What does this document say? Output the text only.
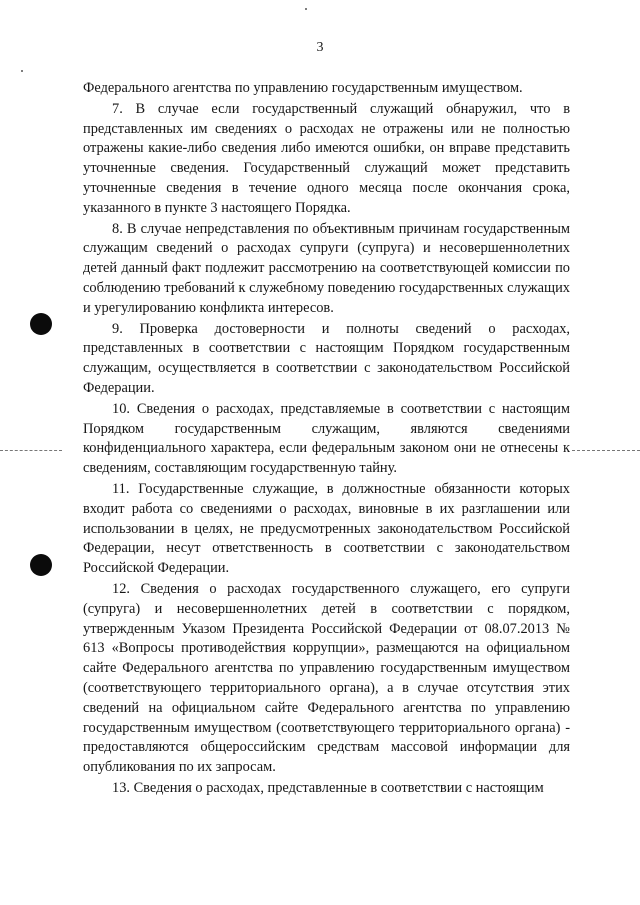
3

Федерального агентства по управлению государственным имуществом.

7. В случае если государственный служащий обнаружил, что в представленных им сведениях о расходах не отражены или не полностью отражены какие-либо сведения либо имеются ошибки, он вправе представить уточненные сведения. Государственный служащий может представить уточненные сведения в течение одного месяца после окончания срока, указанного в пункте 3 настоящего Порядка.

8. В случае непредставления по объективным причинам государственным служащим сведений о расходах супруги (супруга) и несовершеннолетних детей данный факт подлежит рассмотрению на соответствующей комиссии по соблюдению требований к служебному поведению государственных служащих и урегулированию конфликта интересов.

9. Проверка достоверности и полноты сведений о расходах, представленных в соответствии с настоящим Порядком государственным служащим, осуществляется в соответствии с законодательством Российской Федерации.

10. Сведения о расходах, представляемые в соответствии с настоящим Порядком государственным служащим, являются сведениями конфиденциального характера, если федеральным законом они не отнесены к сведениям, составляющим государственную тайну.

11. Государственные служащие, в должностные обязанности которых входит работа со сведениями о расходах, виновные в их разглашении или использовании в целях, не предусмотренных законодательством Российской Федерации, несут ответственность в соответствии с законодательством Российской Федерации.

12. Сведения о расходах государственного служащего, его супруги (супруга) и несовершеннолетних детей в соответствии с порядком, утвержденным Указом Президента Российской Федерации от 08.07.2013 № 613 «Вопросы противодействия коррупции», размещаются на официальном сайте Федерального агентства по управлению государственным имуществом (соответствующего территориального органа), а в случае отсутствия этих сведений на официальном сайте Федерального агентства по управлению государственным имуществом (соответствующего территориального органа) - предоставляются общероссийским средствам массовой информации для опубликования по их запросам.

13. Сведения о расходах, представленные в соответствии с настоящим
